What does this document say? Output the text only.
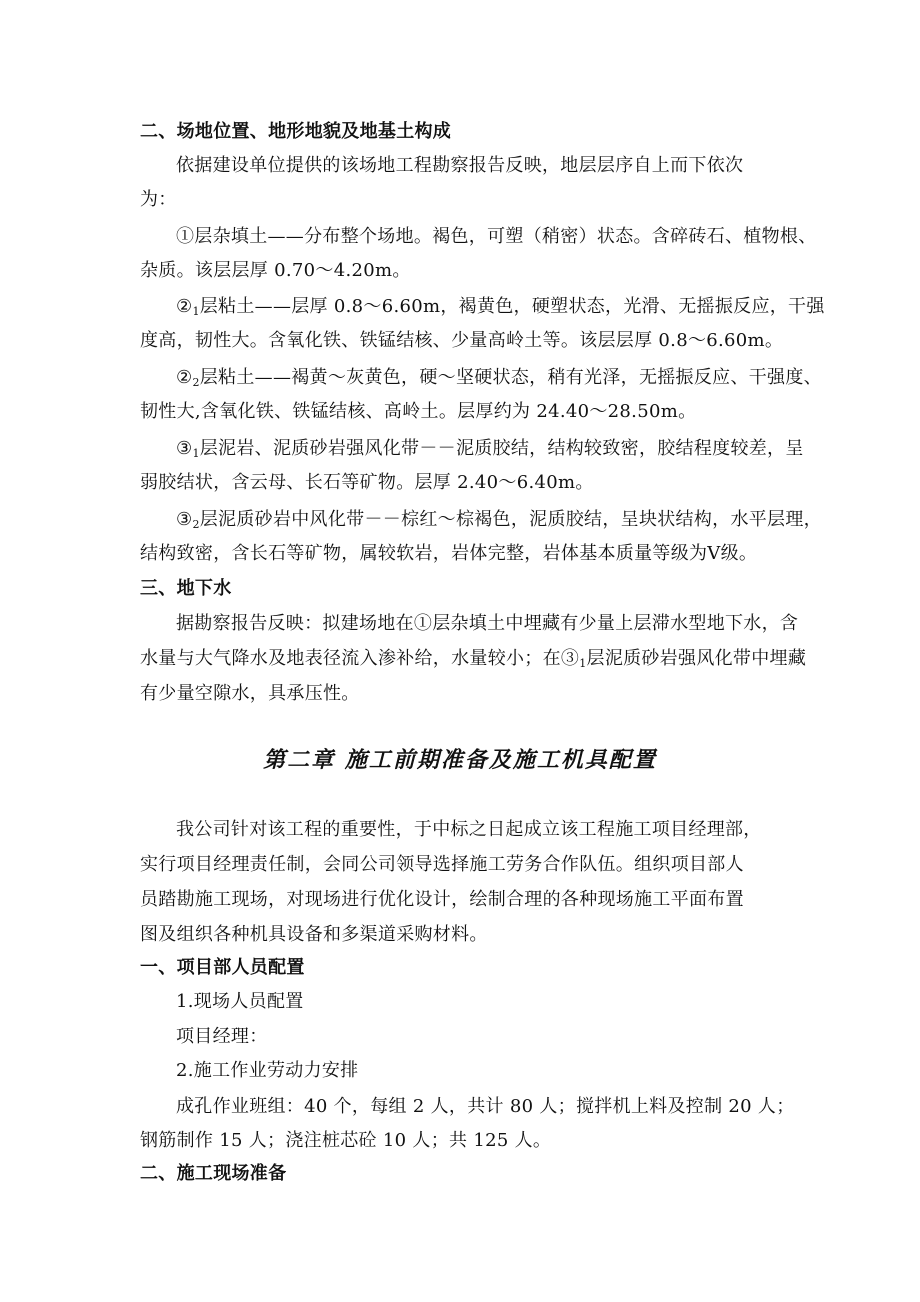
二、场地位置、地形地貌及地基土构成
依据建设单位提供的该场地工程勘察报告反映，地层层序自上而下依次
为：
①层杂填土——分布整个场地。褐色，可塑（稍密）状态。含碎砖石、植物根、
杂质。该层层厚 0.70～4.20m。
$②_1$层粘土——层厚 0.8～6.60m，褐黄色，硬塑状态，光滑、无摇振反应，干强
度高，韧性大。含氧化铁、铁锰结核、少量高岭土等。该层层厚 0.8～6.60m。
$②_2$层粘土——褐黄～灰黄色，硬～坚硬状态，稍有光泽，无摇振反应、干强度、
韧性大,含氧化铁、铁锰结核、高岭土。层厚约为 24.40～28.50m。
$③_1$层泥岩、泥质砂岩强风化带－－泥质胶结，结构较致密，胶结程度较差，呈
弱胶结状，含云母、长石等矿物。层厚 2.40～6.40m。
$③_2$层泥质砂岩中风化带－－棕红～棕褐色，泥质胶结，呈块状结构，水平层理，
结构致密，含长石等矿物，属较软岩，岩体完整，岩体基本质量等级为Ⅴ级。
三、地下水
据勘察报告反映：拟建场地在①层杂填土中埋藏有少量上层滞水型地下水，含
水量与大气降水及地表径流入渗补给，水量较小；在$③_1$层泥质砂岩强风化带中埋藏
有少量空隙水，具承压性。
第二章 施工前期准备及施工机具配置
我公司针对该工程的重要性，于中标之日起成立该工程施工项目经理部，
实行项目经理责任制，会同公司领导选择施工劳务合作队伍。组织项目部人
员踏勘施工现场，对现场进行优化设计，绘制合理的各种现场施工平面布置
图及组织各种机具设备和多渠道采购材料。
一、项目部人员配置
1.现场人员配置
项目经理：
2.施工作业劳动力安排
成孔作业班组：40 个，每组 2 人，共计 80 人；搅拌机上料及控制 20 人；
钢筋制作 15 人；浇注桩芯砼 10 人；共 125 人。
二、施工现场准备
